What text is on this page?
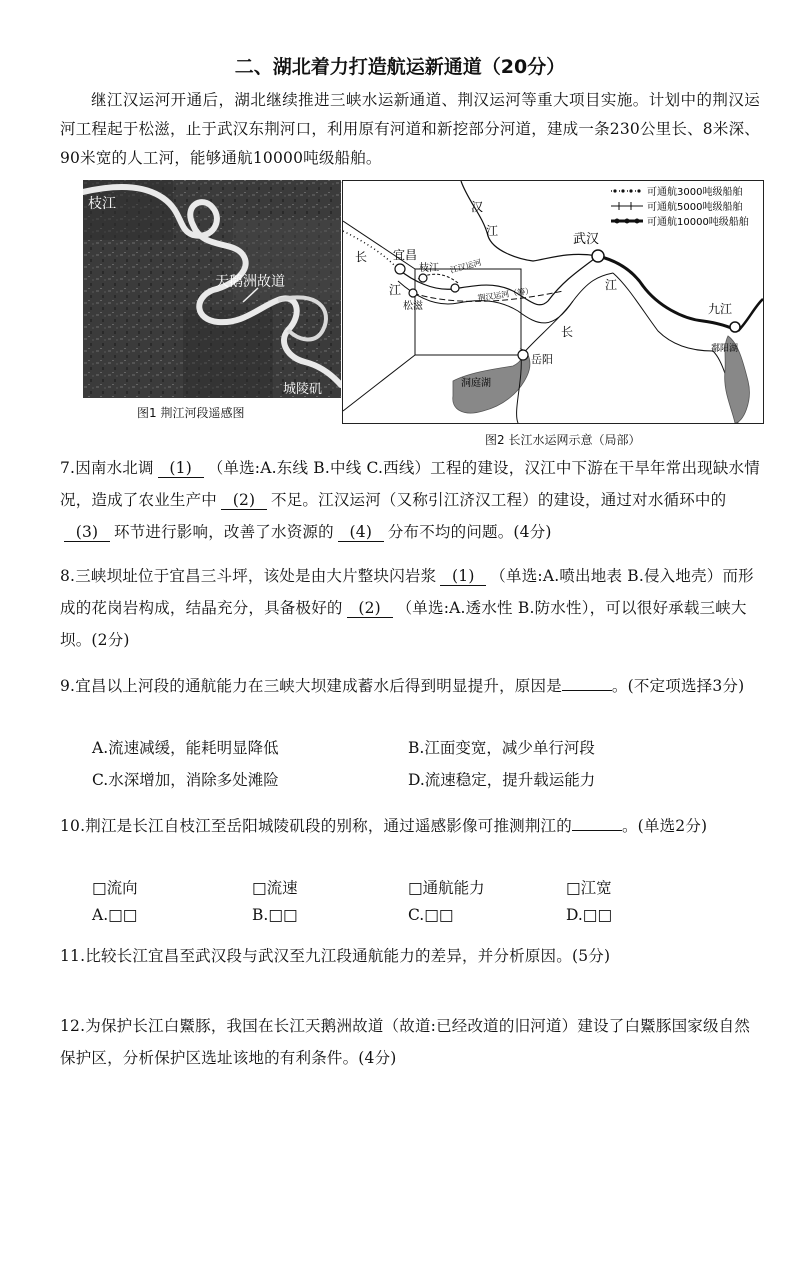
二、湖北着力打造航运新通道（20分）
继江汉运河开通后，湖北继续推进三峡水运新通道、荆汉运河等重大项目实施。计划中的荆汉运河工程起于松滋，止于武汉东荆河口，利用原有河道和新挖部分河道，建成一条230公里长、8米深、90米宽的人工河，能够通航10000吨级船舶。
枝江
天鹅洲故道
城陵矶
图1 荆江河段遥感图
可通航3000吨级船舶
可通航5000吨级船舶
可通航10000吨级船舶
汉
江
长
江
宜昌
枝江
松滋
江汉运河
荆汉运河（筹）
武汉
江
长
岳阳
洞庭湖
九江
鄱阳湖
图2 长江水运网示意（局部）
7.因南水北调 (1) （单选:A.东线 B.中线 C.西线）工程的建设，汉江中下游在干旱年常出现缺水情况，造成了农业生产中 (2) 不足。江汉运河（又称引江济汉工程）的建设，通过对水循环中的(3) 环节进行影响，改善了水资源的 (4) 分布不均的问题。(4分)
8.三峡坝址位于宜昌三斗坪，该处是由大片整块闪岩浆 (1) （单选:A.喷出地表 B.侵入地壳）而形成的花岗岩构成，结晶充分，具备极好的 (2) （单选:A.透水性 B.防水性），可以很好承载三峡大坝。(2分)
9.宜昌以上河段的通航能力在三峡大坝建成蓄水后得到明显提升，原因是	。(不定项选择3分)
A.流速减缓，能耗明显降低	B.江面变宽，减少单行河段
C.水深增加，消除多处滩险	D.流速稳定，提升载运能力
10.荆江是长江自枝江至岳阳城陵矶段的别称，通过遥感影像可推测荆江的	。(单选2分)
□流向	□流速	□通航能力	□江宽
A.□□	B.□□	C.□□	D.□□
11.比较长江宜昌至武汉段与武汉至九江段通航能力的差异，并分析原因。(5分)
12.为保护长江白鱀豚，我国在长江天鹅洲故道（故道:已经改道的旧河道）建设了白鱀豚国家级自然保护区，分析保护区选址该地的有利条件。(4分)
